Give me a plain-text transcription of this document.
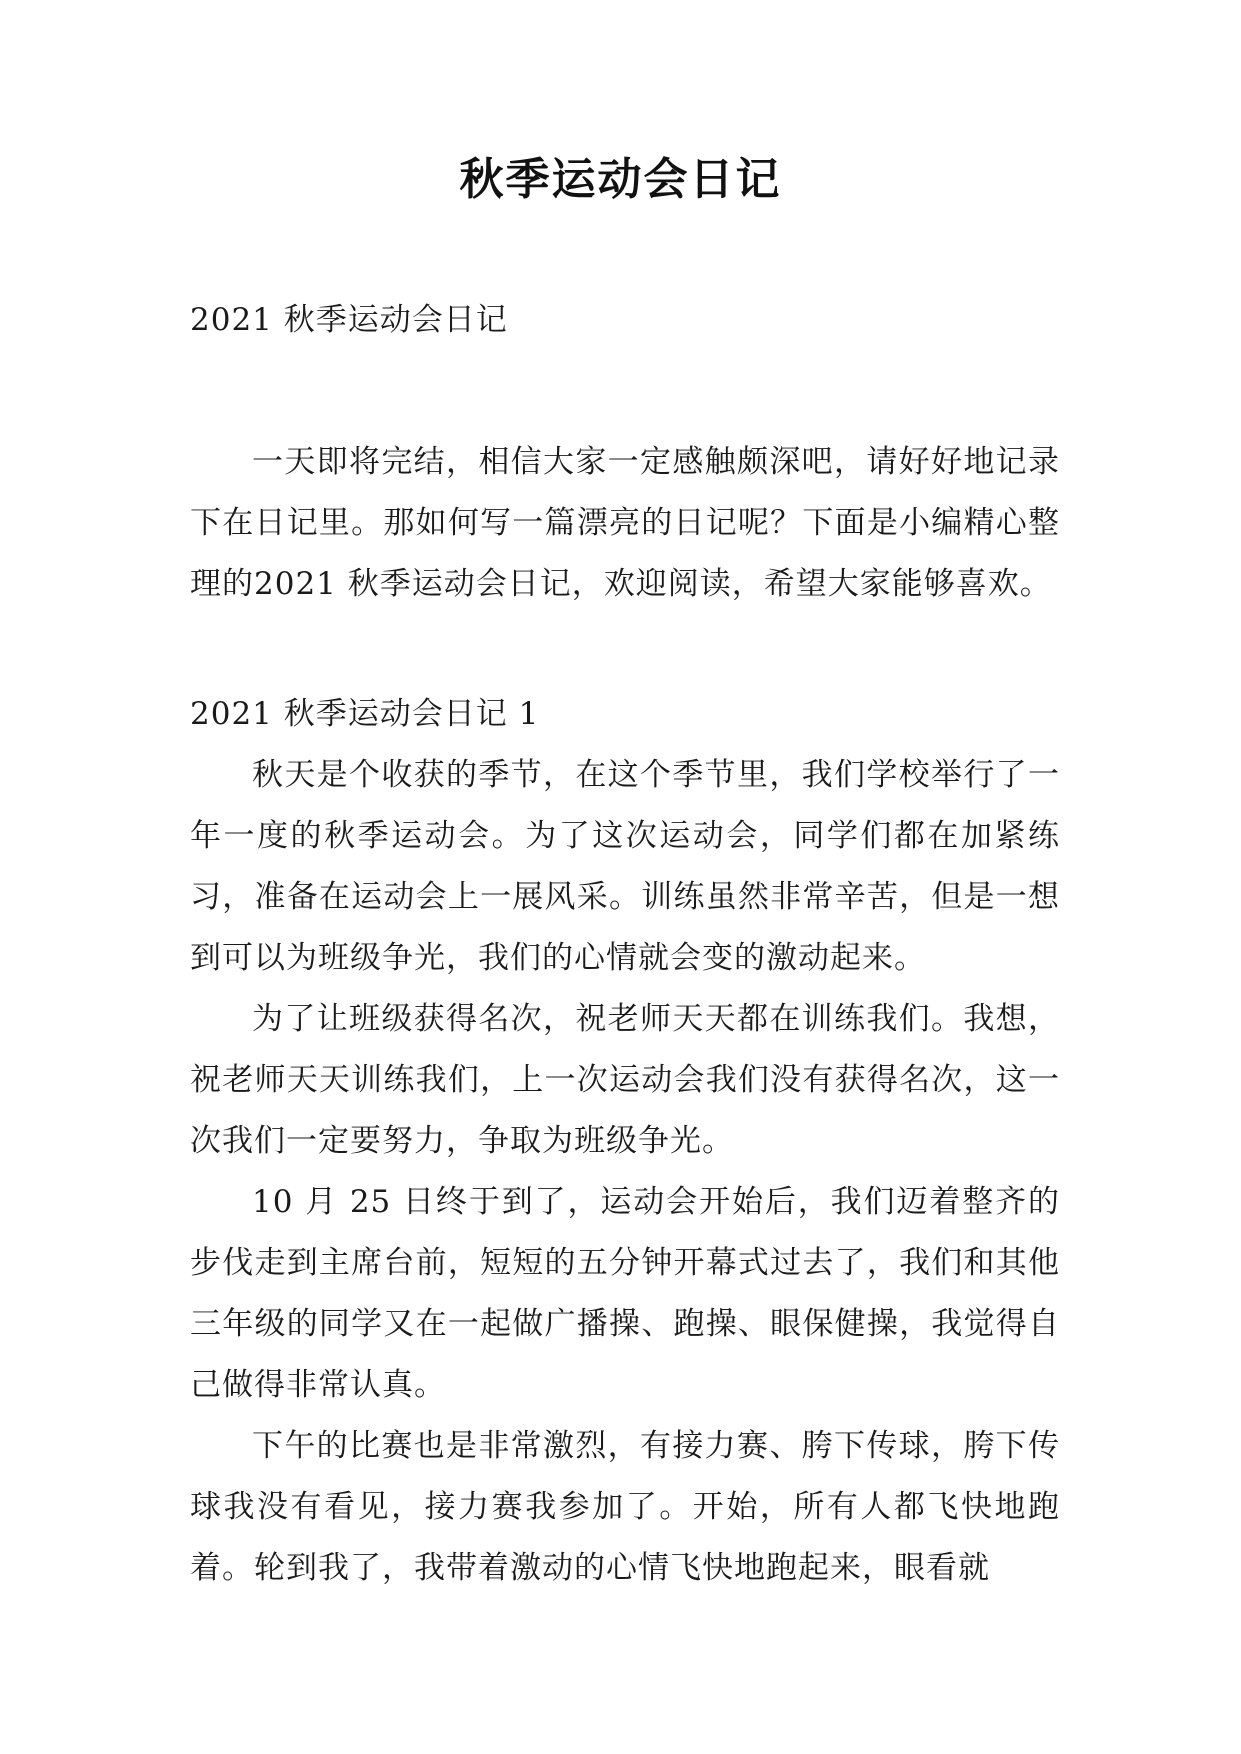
秋季运动会日记

2021 秋季运动会日记

一天即将完结，相信大家一定感触颇深吧，请好好地记录下在日记里。那如何写一篇漂亮的日记呢？下面是小编精心整理的2021 秋季运动会日记，欢迎阅读，希望大家能够喜欢。

2021 秋季运动会日记 1

秋天是个收获的季节，在这个季节里，我们学校举行了一年一度的秋季运动会。为了这次运动会，同学们都在加紧练习，准备在运动会上一展风采。训练虽然非常辛苦，但是一想到可以为班级争光，我们的心情就会变的激动起来。

为了让班级获得名次，祝老师天天都在训练我们。我想，祝老师天天训练我们，上一次运动会我们没有获得名次，这一次我们一定要努力，争取为班级争光。

10 月 25 日终于到了，运动会开始后，我们迈着整齐的步伐走到主席台前，短短的五分钟开幕式过去了，我们和其他三年级的同学又在一起做广播操、跑操、眼保健操，我觉得自己做得非常认真。

下午的比赛也是非常激烈，有接力赛、胯下传球，胯下传球我没有看见，接力赛我参加了。开始，所有人都飞快地跑着。轮到我了，我带着激动的心情飞快地跑起来，眼看就
